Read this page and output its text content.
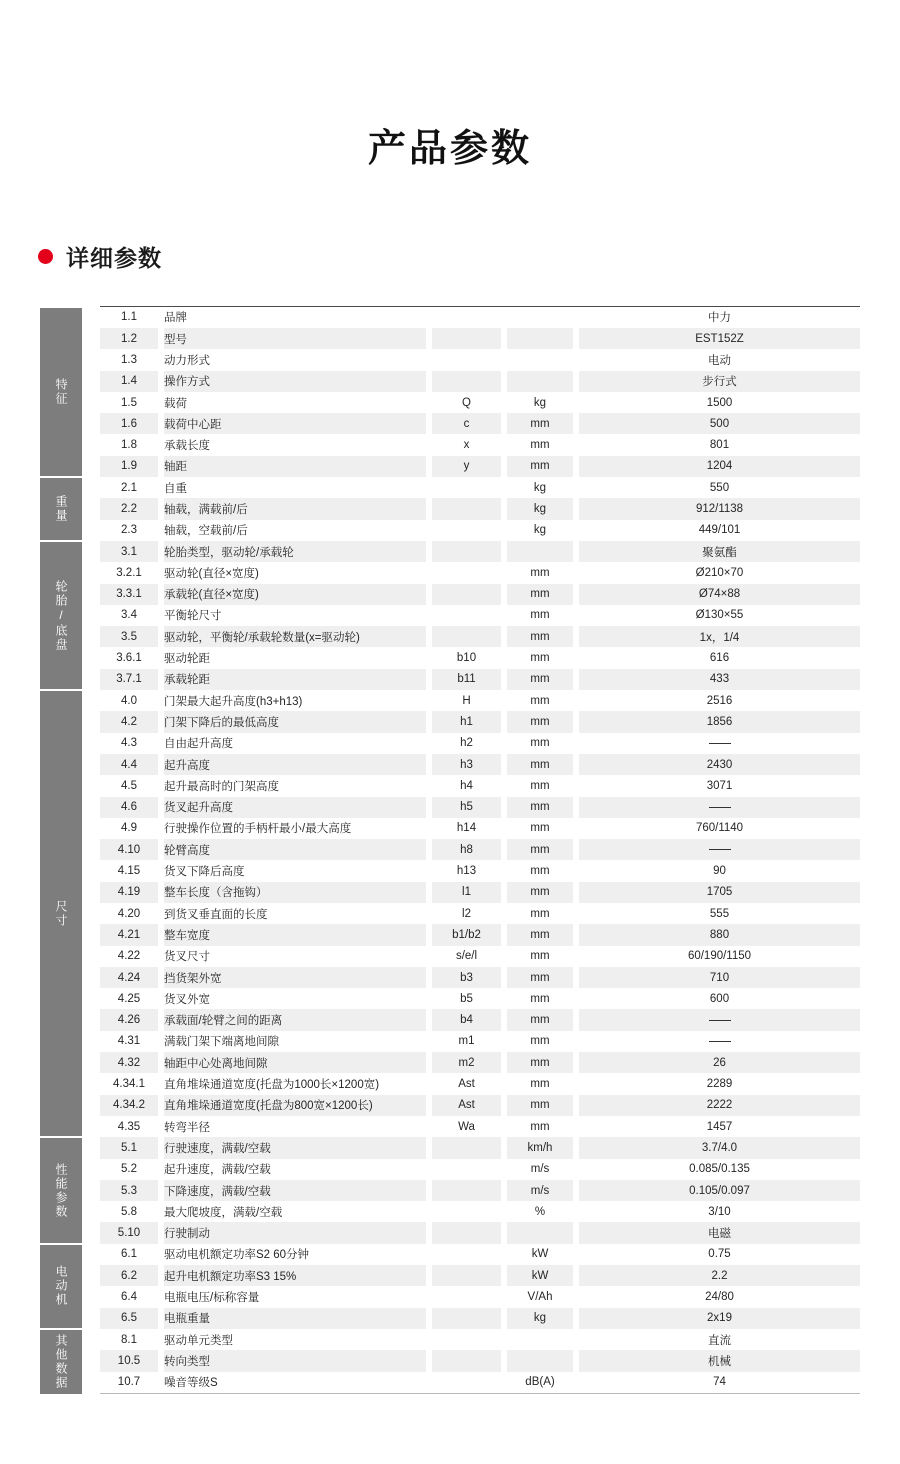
产品参数
详细参数
特征
重量
轮胎/底盘
尺寸
性能参数
电动机
其他数据
1.1		品牌						中力
1.2		型号						EST152Z
1.3		动力形式						电动
1.4		操作方式						步行式
1.5		载荷		Q		kg		1500
1.6		载荷中心距		c		mm		500
1.8		承载长度		x		mm		801
1.9		轴距		y		mm		1204
2.1		自重				kg		550
2.2		轴载，满载前/后				kg		912/1138
2.3		轴载，空载前/后				kg		449/101
3.1		轮胎类型，驱动轮/承载轮						聚氨酯
3.2.1		驱动轮(直径×宽度)				mm		Ø210×70
3.3.1		承载轮(直径×宽度)				mm		Ø74×88
3.4		平衡轮尺寸				mm		Ø130×55
3.5		驱动轮，平衡轮/承载轮数量(x=驱动轮)				mm		1x，1/4
3.6.1		驱动轮距		b10		mm		616
3.7.1		承载轮距		b11		mm		433
4.0		门架最大起升高度(h3+h13)		H		mm		2516
4.2		门架下降后的最低高度		h1		mm		1856
4.3		自由起升高度		h2		mm		
4.4		起升高度		h3		mm		2430
4.5		起升最高时的门架高度		h4		mm		3071
4.6		货叉起升高度		h5		mm		
4.9		行驶操作位置的手柄杆最小/最大高度		h14		mm		760/1140
4.10		轮臂高度		h8		mm		
4.15		货叉下降后高度		h13		mm		90
4.19		整车长度（含拖钩）		l1		mm		1705
4.20		到货叉垂直面的长度		l2		mm		555
4.21		整车宽度		b1/b2		mm		880
4.22		货叉尺寸		s/e/l		mm		60/190/1150
4.24		挡货架外宽		b3		mm		710
4.25		货叉外宽		b5		mm		600
4.26		承载面/轮臂之间的距离		b4		mm		
4.31		满载门架下端离地间隙		m1		mm		
4.32		轴距中心处离地间隙		m2		mm		26
4.34.1		直角堆垛通道宽度(托盘为1000长×1200宽)		Ast		mm		2289
4.34.2		直角堆垛通道宽度(托盘为800宽×1200长)		Ast		mm		2222
4.35		转弯半径		Wa		mm		1457
5.1		行驶速度，满载/空载				km/h		3.7/4.0
5.2		起升速度，满载/空载				m/s		0.085/0.135
5.3		下降速度，满载/空载				m/s		0.105/0.097
5.8		最大爬坡度，满载/空载				%		3/10
5.10		行驶制动						电磁
6.1		驱动电机额定功率S2 60分钟				kW		0.75
6.2		起升电机额定功率S3 15%				kW		2.2
6.4		电瓶电压/标称容量				V/Ah		24/80
6.5		电瓶重量				kg		2x19
8.1		驱动单元类型						直流
10.5		转向类型						机械
10.7		噪音等级S				dB(A)		74
